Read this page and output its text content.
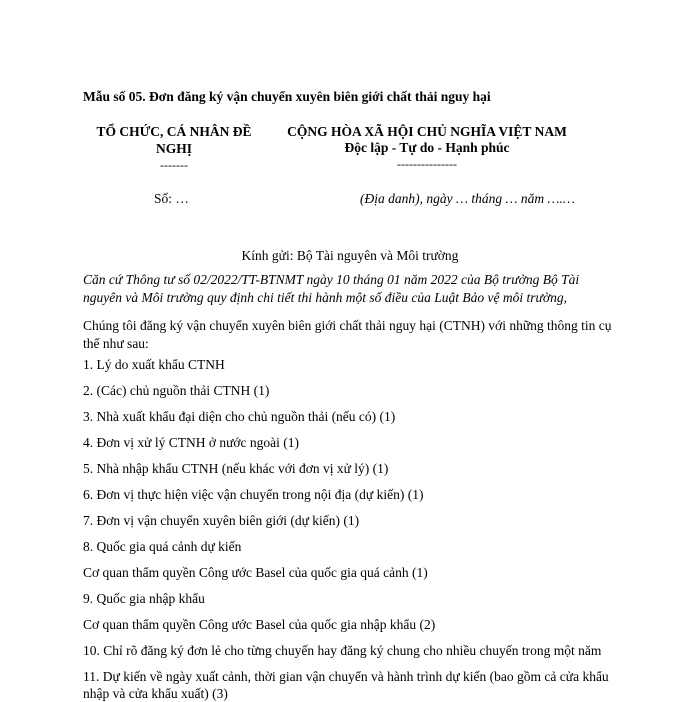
Mẫu số 05. Đơn đăng ký vận chuyển xuyên biên giới chất thải nguy hại
TỔ CHỨC, CÁ NHÂN ĐỀ NGHỊ
-------
CỘNG HÒA XÃ HỘI CHỦ NGHĨA VIỆT NAM
Độc lập - Tự do - Hạnh phúc
---------------
Số: …	(Địa danh), ngày … tháng … năm ….…
Kính gửi: Bộ Tài nguyên và Môi trường
Căn cứ Thông tư số 02/2022/TT-BTNMT ngày 10 tháng 01 năm 2022 của Bộ trưởng Bộ Tài nguyên và Môi trường quy định chi tiết thi hành một số điều của Luật Bảo vệ môi trường,
Chúng tôi đăng ký vận chuyển xuyên biên giới chất thải nguy hại (CTNH) với những thông tin cụ thể như sau:
1. Lý do xuất khẩu CTNH
2. (Các) chủ nguồn thải CTNH (1)
3. Nhà xuất khẩu đại diện cho chủ nguồn thải (nếu có) (1)
4. Đơn vị xử lý CTNH ở nước ngoài (1)
5. Nhà nhập khẩu CTNH (nếu khác với đơn vị xử lý) (1)
6. Đơn vị thực hiện việc vận chuyển trong nội địa (dự kiến) (1)
7. Đơn vị vận chuyển xuyên biên giới (dự kiến) (1)
8. Quốc gia quá cảnh dự kiến
Cơ quan thẩm quyền Công ước Basel của quốc gia quá cảnh (1)
9. Quốc gia nhập khẩu
Cơ quan thẩm quyền Công ước Basel của quốc gia nhập khẩu (2)
10. Chỉ rõ đăng ký đơn lẻ cho từng chuyến hay đăng ký chung cho nhiều chuyến trong một năm
11. Dự kiến về ngày xuất cảnh, thời gian vận chuyển và hành trình dự kiến (bao gồm cả cửa khẩu nhập và cửa khẩu xuất) (3)
